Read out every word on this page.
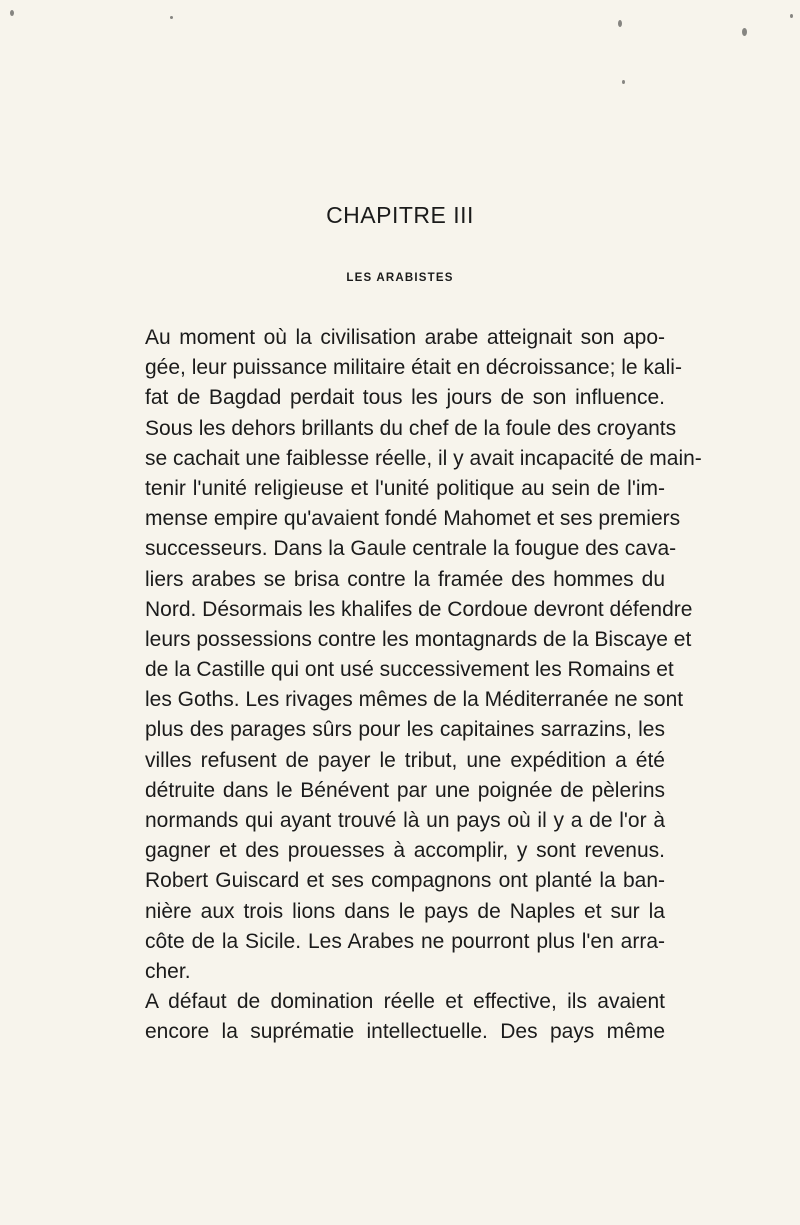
CHAPITRE III
LES ARABISTES
Au moment où la civilisation arabe atteignait son apo-
gée, leur puissance militaire était en décroissance; le kali-
fat de Bagdad perdait tous les jours de son influence.
Sous les dehors brillants du chef de la foule des croyants
se cachait une faiblesse réelle, il y avait incapacité de main-
tenir l'unité religieuse et l'unité politique au sein de l'im-
mense empire qu'avaient fondé Mahomet et ses premiers
successeurs. Dans la Gaule centrale la fougue des cava-
liers arabes se brisa contre la framée des hommes du
Nord. Désormais les khalifes de Cordoue devront défendre
leurs possessions contre les montagnards de la Biscaye et
de la Castille qui ont usé successivement les Romains et
les Goths. Les rivages mêmes de la Méditerranée ne sont
plus des parages sûrs pour les capitaines sarrazins, les
villes refusent de payer le tribut, une expédition a été
détruite dans le Bénévent par une poignée de pèlerins
normands qui ayant trouvé là un pays où il y a de l'or à
gagner et des prouesses à accomplir, y sont revenus.
Robert Guiscard et ses compagnons ont planté la ban-
nière aux trois lions dans le pays de Naples et sur la
côte de la Sicile. Les Arabes ne pourront plus l'en arra-
cher.
A défaut de domination réelle et effective, ils avaient
encore la suprématie intellectuelle. Des pays même
